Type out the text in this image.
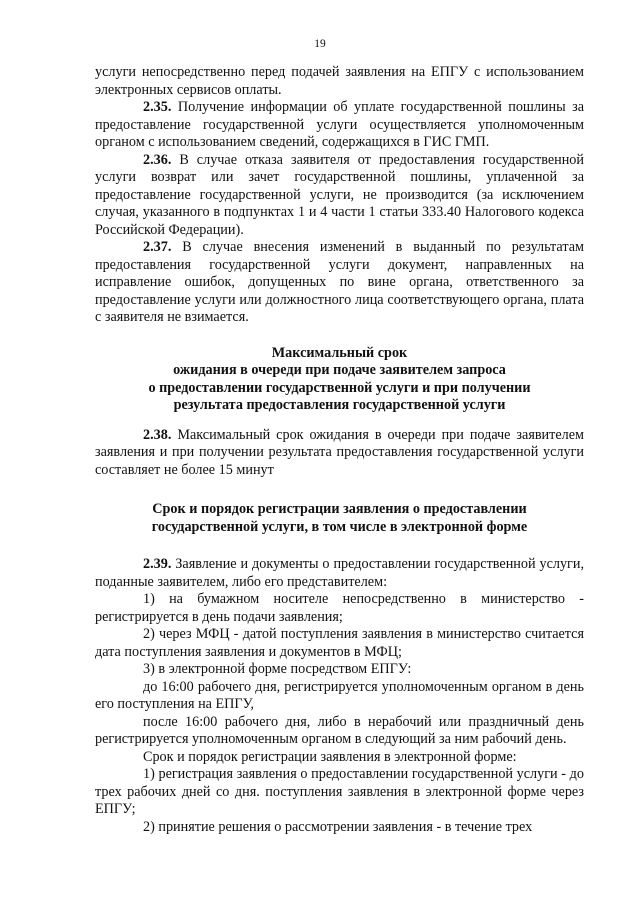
19

услуги непосредственно перед подачей заявления на ЕПГУ с использованием электронных сервисов оплаты.

2.35. Получение информации об уплате государственной пошлины за предоставление государственной услуги осуществляется уполномоченным органом с использованием сведений, содержащихся в ГИС ГМП.

2.36. В случае отказа заявителя от предоставления государственной услуги возврат или зачет государственной пошлины, уплаченной за предоставление государственной услуги, не производится (за исключением случая, указанного в подпунктах 1 и 4 части 1 статьи 333.40 Налогового кодекса Российской Федерации).

2.37. В случае внесения изменений в выданный по результатам предоставления государственной услуги документ, направленных на исправление ошибок, допущенных по вине органа, ответственного за предоставление услуги или должностного лица соответствующего органа, плата с заявителя не взимается.

Максимальный срок
ожидания в очереди при подаче заявителем запроса
о предоставлении государственной услуги и при получении
результата предоставления государственной услуги

2.38. Максимальный срок ожидания в очереди при подаче заявителем заявления и при получении результата предоставления государственной услуги составляет не более 15 минут

Срок и порядок регистрации заявления о предоставлении
государственной услуги, в том числе в электронной форме

2.39. Заявление и документы о предоставлении государственной услуги, поданные заявителем, либо его представителем:

1) на бумажном носителе непосредственно в министерство - регистрируется в день подачи заявления;

2) через МФЦ - датой поступления заявления в министерство считается дата поступления заявления и документов в МФЦ;

3) в электронной форме посредством ЕПГУ:

до 16:00 рабочего дня, регистрируется уполномоченным органом в день его поступления на ЕПГУ,

после 16:00 рабочего дня, либо в нерабочий или праздничный день регистрируется уполномоченным органом в следующий за ним рабочий день.

Срок и порядок регистрации заявления в электронной форме:

1) регистрация заявления о предоставлении государственной услуги - до трех рабочих дней со дня. поступления заявления в электронной форме через ЕПГУ;

2) принятие решения о рассмотрении заявления - в течение трех
